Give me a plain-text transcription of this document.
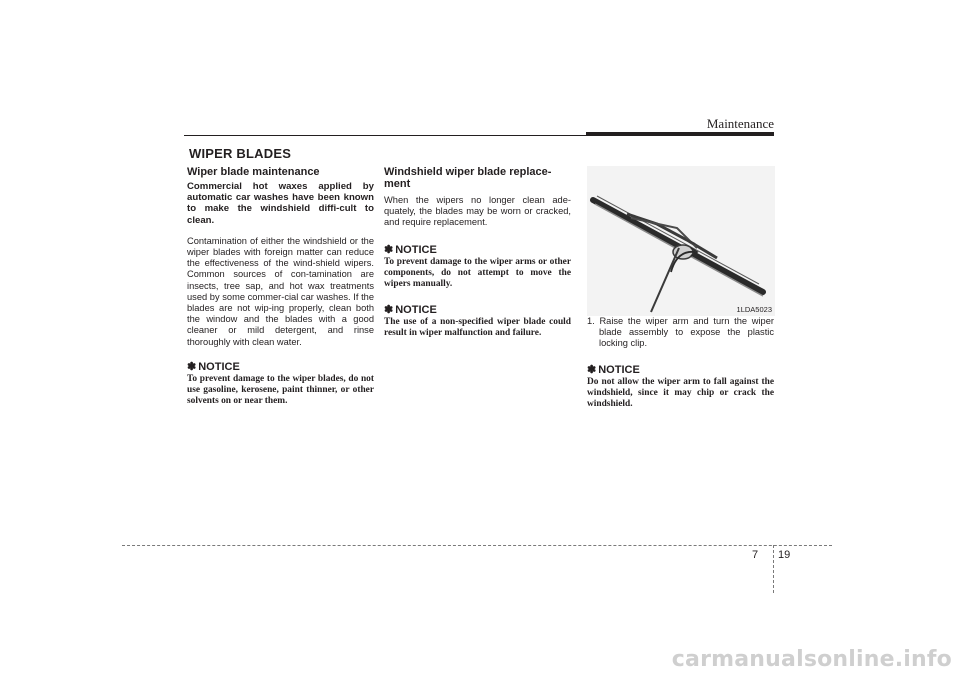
Maintenance
WIPER BLADES
Wiper blade maintenance

Commercial hot waxes applied by automatic car washes have been known to make the windshield diffi-cult to clean.

Contamination of either the windshield or the wiper blades with foreign matter can reduce the effectiveness of the wind-shield wipers. Common sources of con-tamination are insects, tree sap, and hot wax treatments used by some commer-cial car washes. If the blades are not wip-ing properly, clean both the window and the blades with a good cleaner or mild detergent, and rinse thoroughly with clean water.

✽ NOTICE

To prevent damage to the wiper blades, do not use gasoline, kerosene, paint thinner, or other solvents on or near them.

Windshield wiper blade replace-ment

When the wipers no longer clean ade-quately, the blades may be worn or cracked, and require replacement.

✽ NOTICE

To prevent damage to the wiper arms or other components, do not attempt to move the wipers manually.

✽ NOTICE

The use of a non-specified wiper blade could result in wiper malfunction and failure.

1LDA5023

1. Raise the wiper arm and turn the wiper blade assembly to expose the plastic locking clip.

✽ NOTICE

Do not allow the wiper arm to fall against the windshield, since it may chip or crack the windshield.

7 19
carmanualsonline.info
